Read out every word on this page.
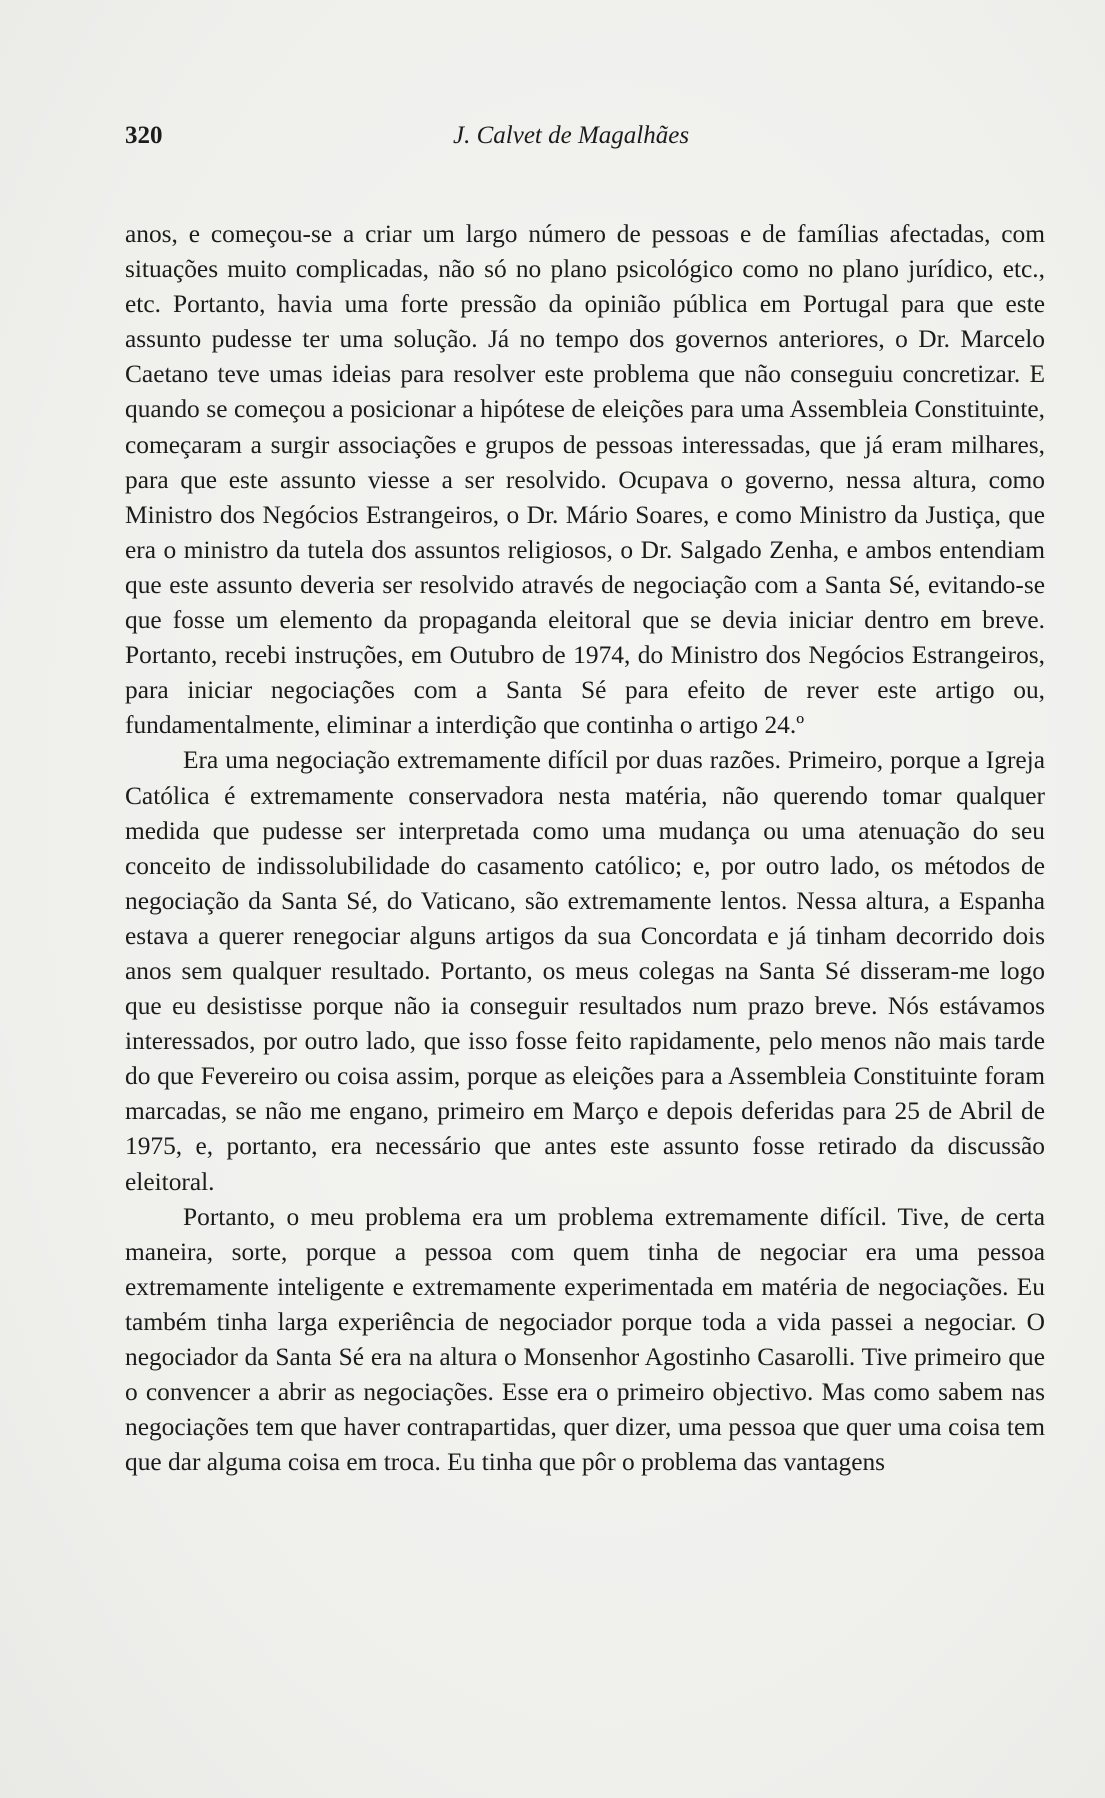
320	J. Calvet de Magalhães

anos, e começou-se a criar um largo número de pessoas e de famílias afectadas, com situações muito complicadas, não só no plano psicológico como no plano jurídico, etc., etc. Portanto, havia uma forte pressão da opinião pública em Portugal para que este assunto pudesse ter uma solução. Já no tempo dos governos anteriores, o Dr. Marcelo Caetano teve umas ideias para resolver este problema que não conseguiu concretizar. E quando se começou a posicionar a hipótese de eleições para uma Assembleia Constituinte, começaram a surgir associações e grupos de pessoas interessadas, que já eram milhares, para que este assunto viesse a ser resolvido. Ocupava o governo, nessa altura, como Ministro dos Negócios Estrangeiros, o Dr. Mário Soares, e como Ministro da Justiça, que era o ministro da tutela dos assuntos religiosos, o Dr. Salgado Zenha, e ambos entendiam que este assunto deveria ser resolvido através de negociação com a Santa Sé, evitando-se que fosse um elemento da propaganda eleitoral que se devia iniciar dentro em breve. Portanto, recebi instruções, em Outubro de 1974, do Ministro dos Negócios Estrangeiros, para iniciar negociações com a Santa Sé para efeito de rever este artigo ou, fundamentalmente, eliminar a interdição que continha o artigo 24.º

Era uma negociação extremamente difícil por duas razões. Primeiro, porque a Igreja Católica é extremamente conservadora nesta matéria, não querendo tomar qualquer medida que pudesse ser interpretada como uma mudança ou uma atenuação do seu conceito de indissolubilidade do casamento católico; e, por outro lado, os métodos de negociação da Santa Sé, do Vaticano, são extremamente lentos. Nessa altura, a Espanha estava a querer renegociar alguns artigos da sua Concordata e já tinham decorrido dois anos sem qualquer resultado. Portanto, os meus colegas na Santa Sé disseram-me logo que eu desistisse porque não ia conseguir resultados num prazo breve. Nós estávamos interessados, por outro lado, que isso fosse feito rapidamente, pelo menos não mais tarde do que Fevereiro ou coisa assim, porque as eleições para a Assembleia Constituinte foram marcadas, se não me engano, primeiro em Março e depois deferidas para 25 de Abril de 1975, e, portanto, era necessário que antes este assunto fosse retirado da discussão eleitoral.

Portanto, o meu problema era um problema extremamente difícil. Tive, de certa maneira, sorte, porque a pessoa com quem tinha de negociar era uma pessoa extremamente inteligente e extremamente experimentada em matéria de negociações. Eu também tinha larga experiência de negociador porque toda a vida passei a negociar. O negociador da Santa Sé era na altura o Monsenhor Agostinho Casarolli. Tive primeiro que o convencer a abrir as negociações. Esse era o primeiro objectivo. Mas como sabem nas negociações tem que haver contrapartidas, quer dizer, uma pessoa que quer uma coisa tem que dar alguma coisa em troca. Eu tinha que pôr o problema das vantagens
